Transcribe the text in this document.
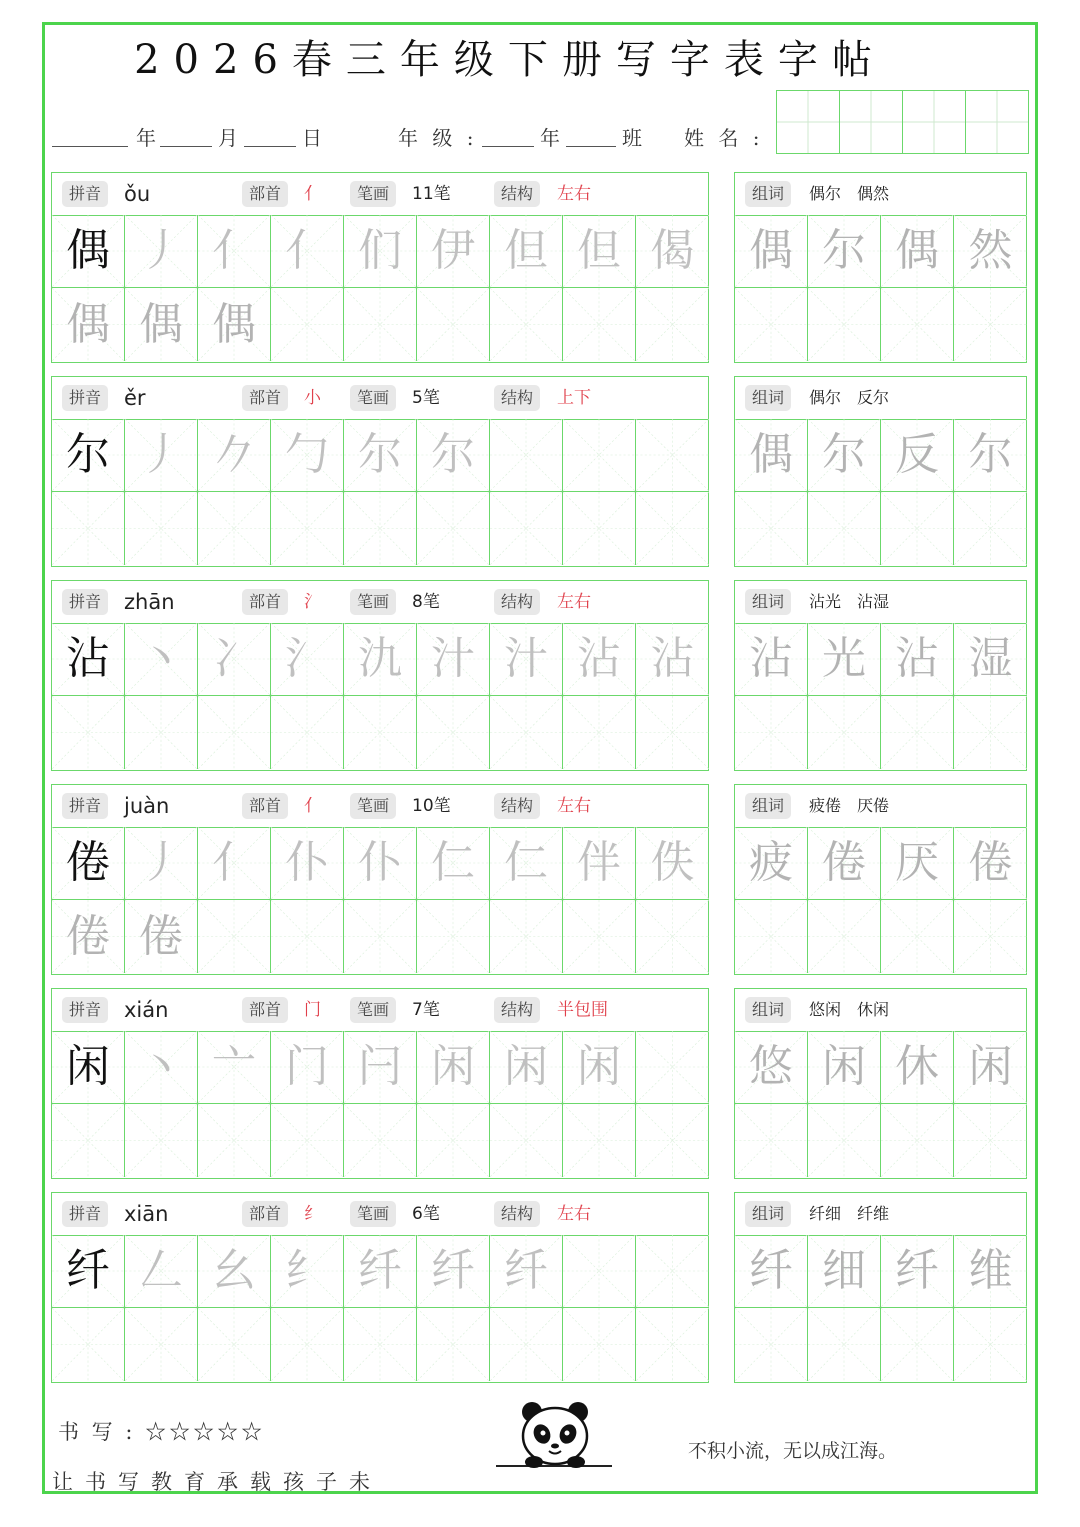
2026春三年级下册写字表字帖
年	月	日	年 级 :	年	班 姓 名 :
拼音	ǒu	部首	亻	笔画	11笔	结构	左右
偶 丿 亻 亻 们 伊 但 但 偈
偶 偶 偶
组词	偶尔　偶然
偶 尔 偶 然
拼音	ěr	部首	小	笔画	5笔	结构	上下
尔 丿 𠂊 勹 尔 尔
组词	偶尔　反尔
偶 尔 反 尔
拼音	zhān	部首	氵	笔画	8笔	结构	左右
沾 丶 冫 氵 氿 汁 汁 沾 沾
组词	沾光　沾湿
沾 光 沾 湿
拼音	juàn	部首	亻	笔画	10笔	结构	左右
倦 丿 亻 仆 仆 仁 仁 伴 佚
倦 倦
组词	疲倦　厌倦
疲 倦 厌 倦
拼音	xián	部首	门	笔画	7笔	结构	半包围
闲 丶 亠 门 闩 闲 闲 闲
组词	悠闲　休闲
悠 闲 休 闲
拼音	xiān	部首	纟	笔画	6笔	结构	左右
纤 𠃋 幺 纟 纤 纤 纤
组词	纤细　纤维
纤 细 纤 维
书 写 : ☆☆☆☆☆
让书写教育承载孩子未
不积小流，无以成江海。
